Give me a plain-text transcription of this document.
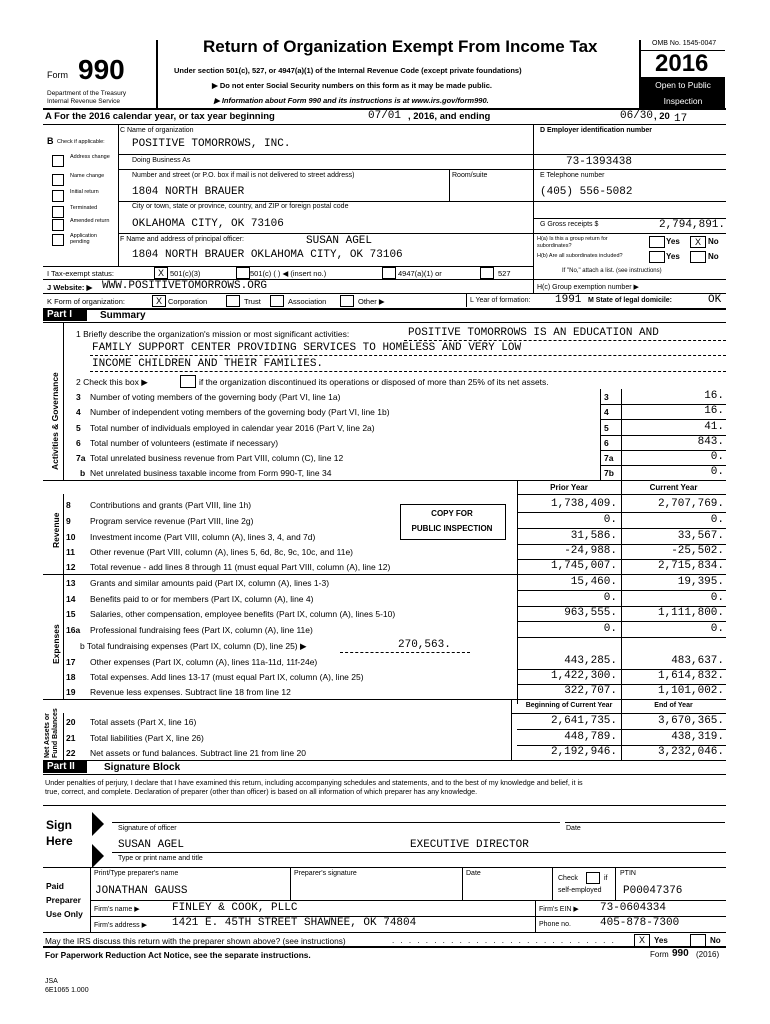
Form 990
Department of the Treasury
Internal Revenue Service
Return of Organization Exempt From Income Tax
Under section 501(c), 527, or 4947(a)(1) of the Internal Revenue Code (except private foundations)
▶ Do not enter Social Security numbers on this form as it may be made public.
▶ Information about Form 990 and its instructions is at www.irs.gov/form990.
OMB No. 1545-0047
2016
Open to Public
Inspection
A For the 2016 calendar year, or tax year beginning	07/01 , 2016, and ending	06/30 , 20 17
B Check if applicable:
Address change
Name change
Initial return
Terminated
Amended return
Application pending
C Name of organization
POSITIVE TOMORROWS, INC.
Doing Business As
Number and street (or P.O. box if mail is not delivered to street address)	Room/suite
1804 NORTH BRAUER
City or town, state or province, country, and ZIP or foreign postal code
OKLAHOMA CITY, OK 73106
F Name and address of principal officer:	SUSAN AGEL
1804 NORTH BRAUER OKLAHOMA CITY, OK 73106
D Employer identification number
73-1393438
E Telephone number
(405) 556-5082
G Gross receipts $	2,794,891.
H(a) Is this a group return for subordinates?	Yes	X No
H(b) Are all subordinates included?	Yes	No
If "No," attach a list. (see instructions)
I Tax-exempt status:	X 501(c)(3)	501(c) ( ) ◀ (insert no.)	4947(a)(1) or	527
J Website: ▶ WWW.POSITIVETOMORROWS.ORG	H(c) Group exemption number ▶
K Form of organization:	X Corporation	Trust	Association	Other ▶	L Year of formation: 1991 M State of legal domicile:	OK
Part I	Summary
1 Briefly describe the organization's mission or most significant activities:	POSITIVE TOMORROWS IS AN EDUCATION AND
FAMILY SUPPORT CENTER PROVIDING SERVICES TO HOMELESS AND VERY LOW
INCOME CHILDREN AND THEIR FAMILIES.
2 Check this box ▶	if the organization discontinued its operations or disposed of more than 25% of its net assets.
Activities & Governance 3 Number of voting members of the governing body (Part VI, line 1a)	3	16.
4 Number of independent voting members of the governing body (Part VI, line 1b)	4	16.
5 Total number of individuals employed in calendar year 2016 (Part V, line 2a)	5	41.
6 Total number of volunteers (estimate if necessary)	6	843.
7a Total unrelated business revenue from Part VIII, column (C), line 12	7a	0.
b Net unrelated business taxable income from Form 990-T, line 34	7b	0.
Prior Year	Current Year
Revenue	COPY FOR
PUBLIC INSPECTION
8 Contributions and grants (Part VIII, line 1h)	1,738,409.	2,707,769.
9 Program service revenue (Part VIII, line 2g)	0.	0.
10 Investment income (Part VIII, column (A), lines 3, 4, and 7d)	31,586.	33,567.
11 Other revenue (Part VIII, column (A), lines 5, 6d, 8c, 9c, 10c, and 11e)	-24,988.	-25,502.
12 Total revenue - add lines 8 through 11 (must equal Part VIII, column (A), line 12)	1,745,007.	2,715,834.
Expenses
13 Grants and similar amounts paid (Part IX, column (A), lines 1-3)	15,460.	19,395.
14 Benefits paid to or for members (Part IX, column (A), line 4)	0.	0.
15 Salaries, other compensation, employee benefits (Part IX, column (A), lines 5-10)	963,555.	1,111,800.
16a Professional fundraising fees (Part IX, column (A), line 11e)	0.	0.
b Total fundraising expenses (Part IX, column (D), line 25) ▶	270,563.
17 Other expenses (Part IX, column (A), lines 11a-11d, 11f-24e)	443,285.	483,637.
18 Total expenses. Add lines 13-17 (must equal Part IX, column (A), line 25)	1,422,300.	1,614,832.
19 Revenue less expenses. Subtract line 18 from line 12	322,707.	1,101,002.
Beginning of Current Year	End of Year
Net Assets or Fund Balances 20 Total assets (Part X, line 16)	2,641,735.	3,670,365.
21 Total liabilities (Part X, line 26)	448,789.	438,319.
22 Net assets or fund balances. Subtract line 21 from line 20	2,192,946.	3,232,046.
Part II	Signature Block
Under penalties of perjury, I declare that I have examined this return, including accompanying schedules and statements, and to the best of my knowledge and belief, it is
true, correct, and complete. Declaration of preparer (other than officer) is based on all information of which preparer has any knowledge.
Sign
Here
Signature of officer	Date
SUSAN AGEL	EXECUTIVE DIRECTOR
Type or print name and title
Paid
Preparer
Use Only
Print/Type preparer's name	Preparer's signature	Date
Check	if
self-employed
PTIN
JONATHAN GAUSS	P00047376
Firm's name ▶	FINLEY & COOK, PLLC	Firm's EIN ▶ 73-0604334
Firm's address ▶ 1421 E. 45TH STREET SHAWNEE, OK 74804	Phone no.	405-878-7300
May the IRS discuss this return with the preparer shown above? (see instructions)	. . . . . . . . . . . . . . . . . . . . . . . . . . .	X	Yes	No
For Paperwork Reduction Act Notice, see the separate instructions.	Form 990 (2016)
JSA
6E1065 1.000
